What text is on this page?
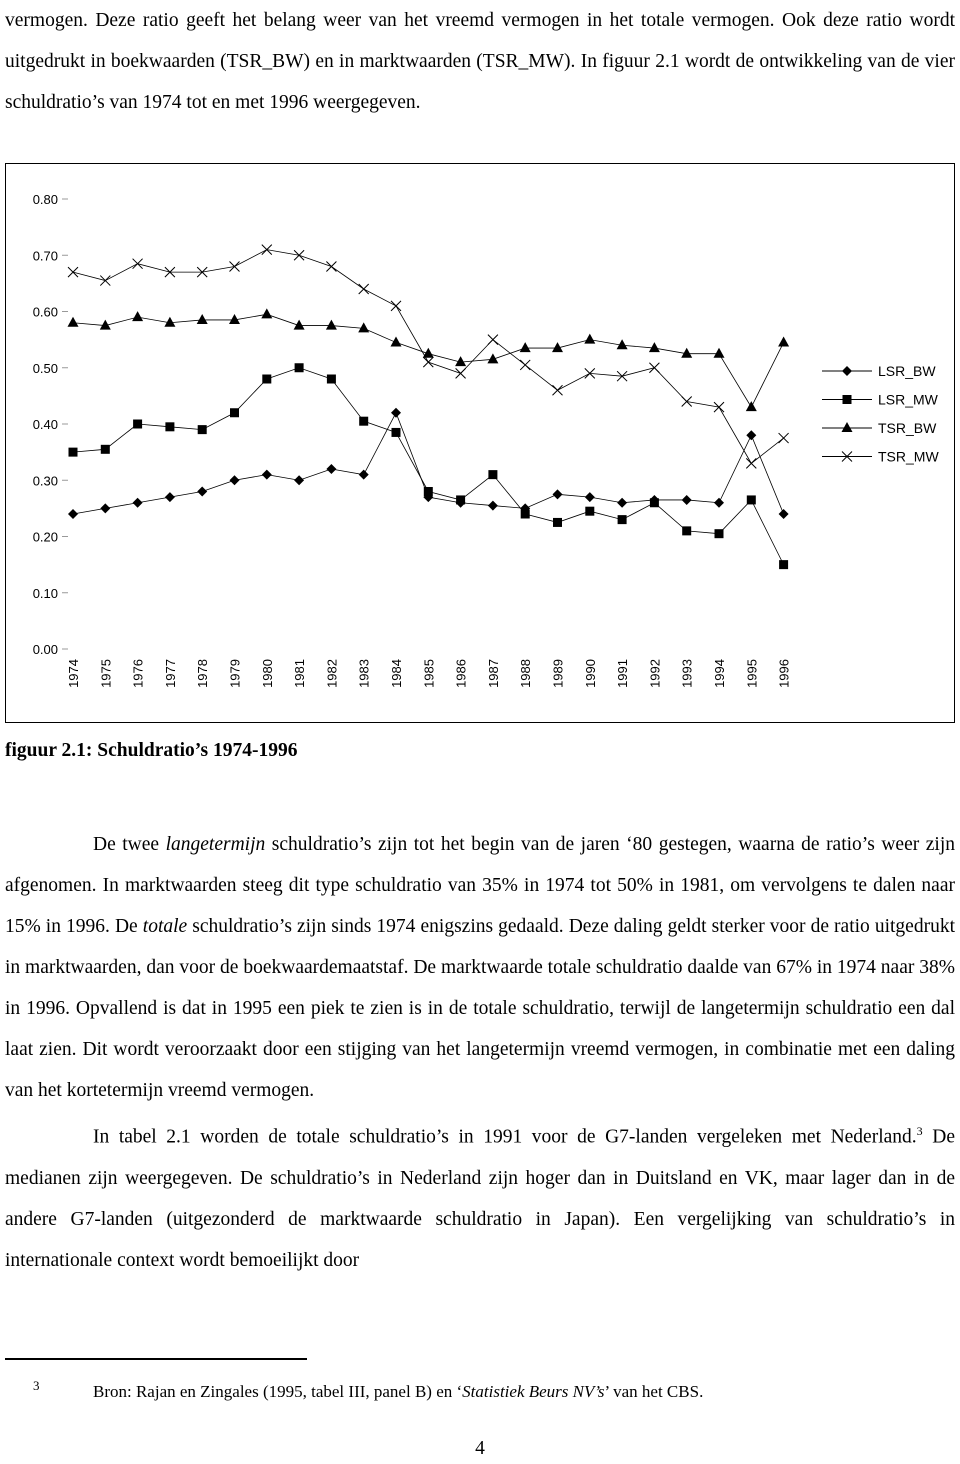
vermogen. Deze ratio geeft het belang weer van het vreemd vermogen in het totale vermogen. Ook deze ratio wordt uitgedrukt in boekwaarden (TSR_BW) en in marktwaarden (TSR_MW). In figuur 2.1 wordt de ontwikkeling van de vier schuldratio’s van 1974 tot en met 1996 weergegeven.

0.00
0.10
0.20
0.30
0.40
0.50
0.60
0.70
0.80
1974 1975 1976 1977 1978 1979 1980 1981 1982 1983 1984 1985 1986 1987 1988 1989 1990 1991 1992 1993 1994 1995 1996
LSR_BW
LSR_MW
TSR_BW
TSR_MW
figuur 2.1: Schuldratio’s 1974-1996

De twee langetermijn schuldratio’s zijn tot het begin van de jaren ‘80 gestegen, waarna de ratio’s weer zijn afgenomen. In marktwaarden steeg dit type schuldratio van 35% in 1974 tot 50% in 1981, om vervolgens te dalen naar 15% in 1996. De totale schuldratio’s zijn sinds 1974 enigszins gedaald. Deze daling geldt sterker voor de ratio uitgedrukt in marktwaarden, dan voor de boekwaardemaatstaf. De marktwaarde totale schuldratio daalde van 67% in 1974 naar 38% in 1996. Opvallend is dat in 1995 een piek te zien is in de totale schuldratio, terwijl de langetermijn schuldratio een dal laat zien. Dit wordt veroorzaakt door een stijging van het langetermijn vreemd vermogen, in combinatie met een daling van het kortetermijn vreemd vermogen.

In tabel 2.1 worden de totale schuldratio’s in 1991 voor de G7-landen vergeleken met Nederland.$^3$ De medianen zijn weergegeven. De schuldratio’s in Nederland zijn hoger dan in Duitsland en VK, maar lager dan in de andere G7-landen (uitgezonderd de marktwaarde schuldratio in Japan). Een vergelijking van schuldratio’s in internationale context wordt bemoeilijkt door

3	Bron: Rajan en Zingales (1995, tabel III, panel B) en ‘Statistiek Beurs NV’s’ van het CBS.
4
